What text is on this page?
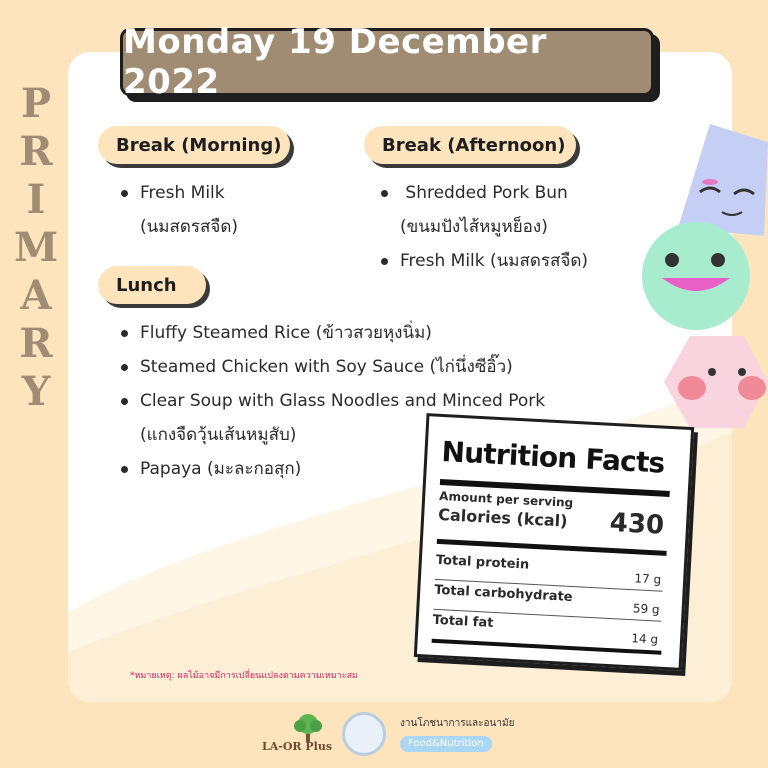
P
R
I
M
A
R
Y
Monday 19 December 2022
Break (Morning)
Fresh Milk
(นมสดรสจืด)
Break (Afternoon)
Shredded Pork Bun
(ขนมปังไส้หมูหย็อง)
Fresh Milk (นมสดรสจืด)
Lunch
Fluffy Steamed Rice (ข้าวสวยหุงนิ่ม)
Steamed Chicken with Soy Sauce (ไก่นึ่งซีอิ๊ว)
Clear Soup with Glass Noodles and Minced Pork
(แกงจืดวุ้นเส้นหมูสับ)
Papaya (มะละกอสุก)	Nutrition Facts
Amount per serving
Calories (kcal) 430
Total protein
17 g
Total carbohydrate
59 g
Total fat
14 g
*หมายเหตุ: ผลไม้อาจมีการเปลี่ยนแปลงตามความเหมาะสม
LA-OR Plus
งานโภชนาการและอนามัย
Food&Nutrition
